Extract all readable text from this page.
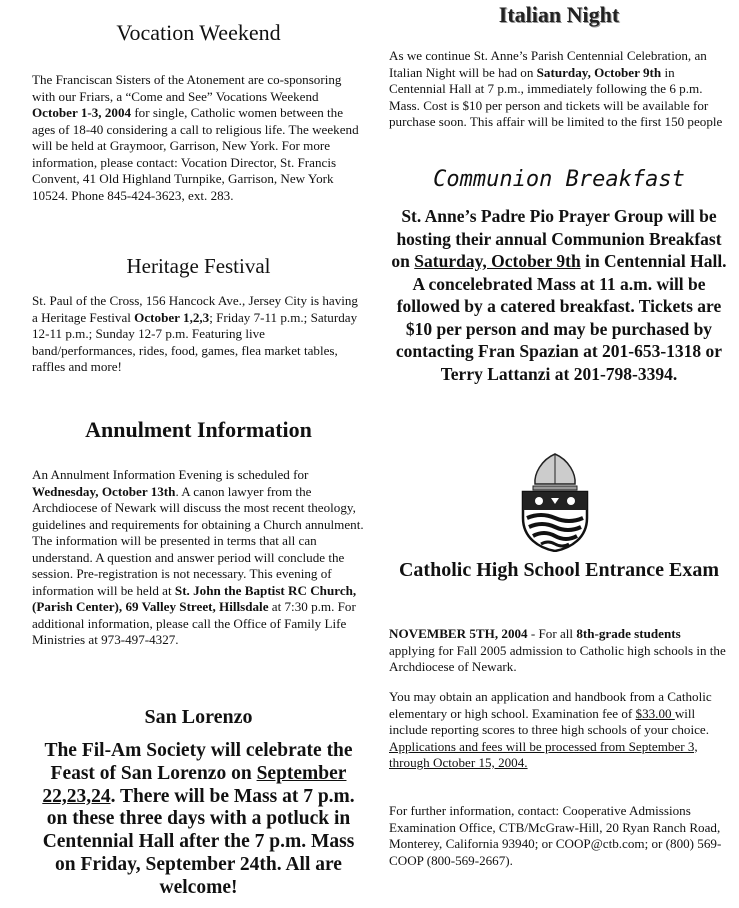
Vocation Weekend

The Franciscan Sisters of the Atonement are co-sponsoring with our Friars, a “Come and See” Vocations Weekend October 1-3, 2004 for single, Catholic women between the ages of 18-40 considering a call to religious life. The weekend will be held at Graymoor, Garrison, New York. For more information, please contact: Vocation Director, St. Francis Convent, 41 Old Highland Turnpike, Garrison, New York 10524. Phone 845-424-3623, ext. 283.

Heritage Festival

St. Paul of the Cross, 156 Hancock Ave., Jersey City is having a Heritage Festival October 1,2,3; Friday 7-11 p.m.; Saturday 12-11 p.m.; Sunday 12-7 p.m. Featuring live band/performances, rides, food, games, flea market tables, raffles and more!

Annulment Information

An Annulment Information Evening is scheduled for Wednesday, October 13th. A canon lawyer from the Archdiocese of Newark will discuss the most recent theology, guidelines and requirements for obtaining a Church annulment. The information will be presented in terms that all can understand. A question and answer period will conclude the session. Pre-registration is not necessary. This evening of information will be held at St. John the Baptist RC Church, (Parish Center), 69 Valley Street, Hillsdale at 7:30 p.m. For additional information, please call the Office of Family Life Ministries at 973-497-4327.

San Lorenzo

The Fil-Am Society will celebrate the Feast of San Lorenzo on September 22,23,24. There will be Mass at 7 p.m. on these three days with a potluck in Centennial Hall after the 7 p.m. Mass on Friday, September 24th. All are welcome!

Italian Night

As we continue St. Anne’s Parish Centennial Celebration, an Italian Night will be had on Saturday, October 9th in Centennial Hall at 7 p.m., immediately following the 6 p.m. Mass. Cost is $10 per person and tickets will be available for purchase soon. This affair will be limited to the first 150 people

Communion Breakfast

St. Anne’s Padre Pio Prayer Group will be hosting their annual Communion Breakfast on Saturday, October 9th in Centennial Hall. A concelebrated Mass at 11 a.m. will be followed by a catered breakfast. Tickets are $10 per person and may be purchased by contacting Fran Spazian at 201-653-1318 or Terry Lattanzi at 201-798-3394.

Catholic High School Entrance Exam

NOVEMBER 5TH, 2004 - For all 8th-grade students applying for Fall 2005 admission to Catholic high schools in the Archdiocese of Newark.

You may obtain an application and handbook from a Catholic elementary or high school. Examination fee of $33.00 will include reporting scores to three high schools of your choice. Applications and fees will be processed from September 3, through October 15, 2004.

For further information, contact: Cooperative Admissions Examination Office, CTB/McGraw-Hill, 20 Ryan Ranch Road, Monterey, California 93940; or COOP@ctb.com; or (800) 569-COOP (800-569-2667).
